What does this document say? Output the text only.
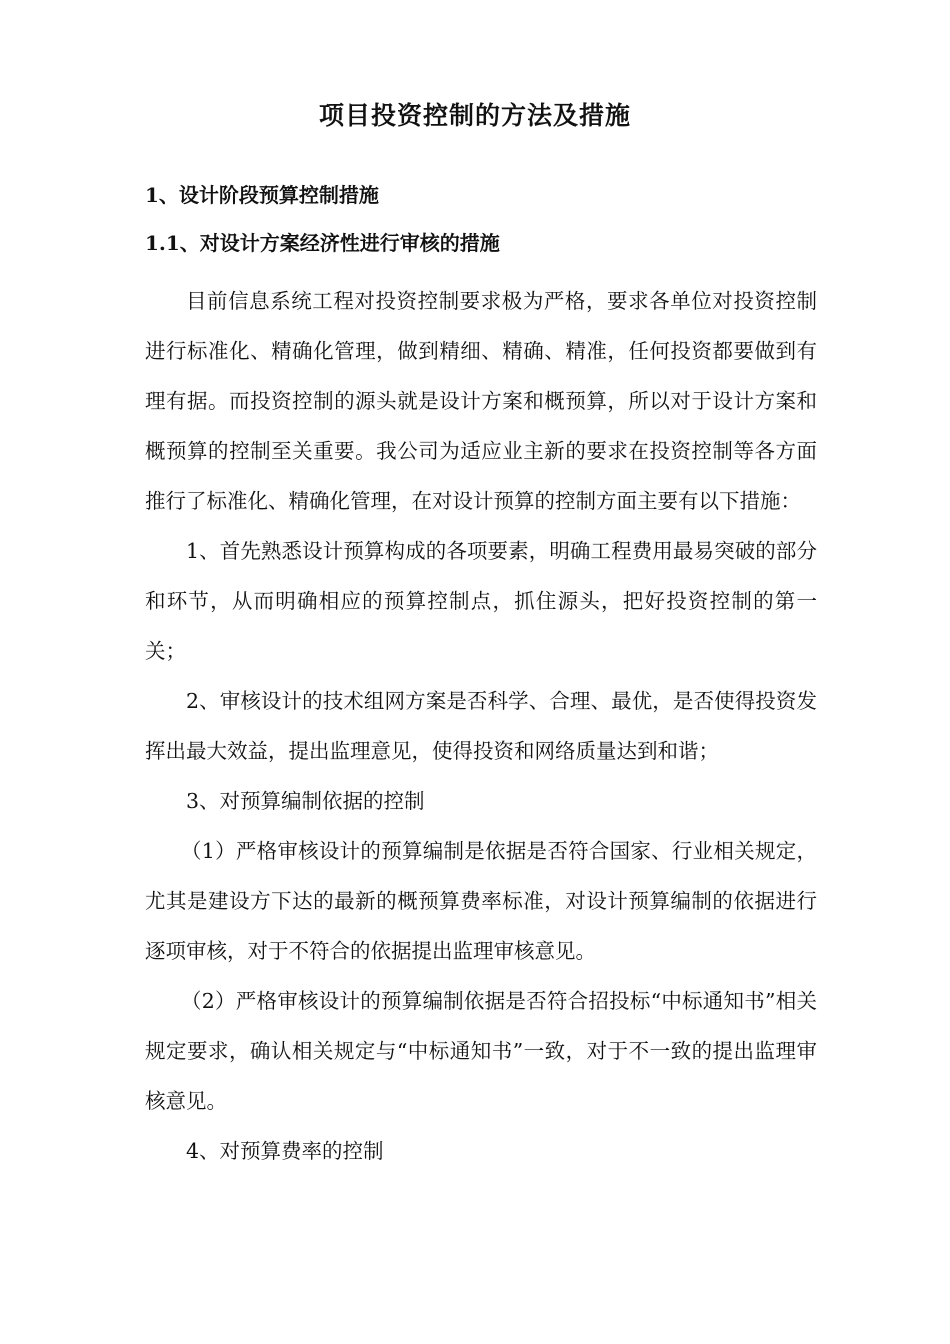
项目投资控制的方法及措施
1、设计阶段预算控制措施
1.1、对设计方案经济性进行审核的措施

目前信息系统工程对投资控制要求极为严格，要求各单位对投资控制进行标准化、精确化管理，做到精细、精确、精准，任何投资都要做到有理有据。而投资控制的源头就是设计方案和概预算，所以对于设计方案和概预算的控制至关重要。我公司为适应业主新的要求在投资控制等各方面推行了标准化、精确化管理，在对设计预算的控制方面主要有以下措施：

1、首先熟悉设计预算构成的各项要素，明确工程费用最易突破的部分和环节，从而明确相应的预算控制点，抓住源头，把好投资控制的第一关；

2、审核设计的技术组网方案是否科学、合理、最优，是否使得投资发挥出最大效益，提出监理意见，使得投资和网络质量达到和谐；

3、对预算编制依据的控制

（1）严格审核设计的预算编制是依据是否符合国家、行业相关规定，尤其是建设方下达的最新的概预算费率标准，对设计预算编制的依据进行逐项审核，对于不符合的依据提出监理审核意见。

（2）严格审核设计的预算编制依据是否符合招投标“中标通知书”相关规定要求，确认相关规定与“中标通知书”一致，对于不一致的提出监理审核意见。

4、对预算费率的控制
